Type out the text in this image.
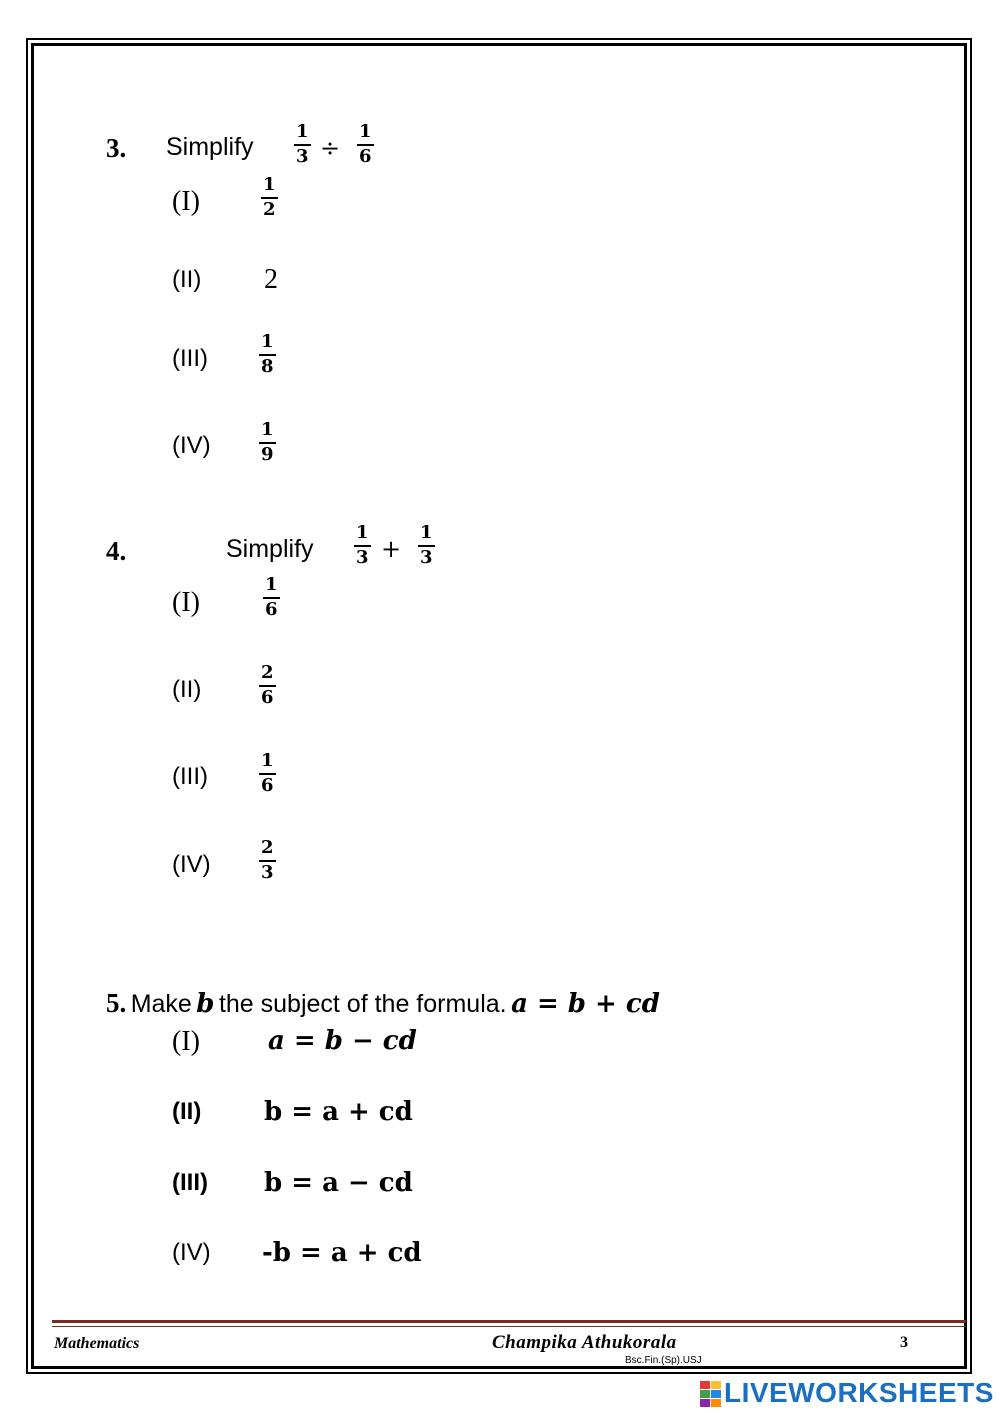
3. Simplify $\frac{1}{3} \div \frac{1}{6}$
(I)	$\frac{1}{2}$
(II) 2
(III)	$\frac{1}{8}$
(IV)	$\frac{1}{9}$
4.	Simplify $\frac{1}{3} + \frac{1}{3}$
(I)	$\frac{1}{6}$
(II)	$\frac{2}{6}$
(III)	$\frac{1}{6}$
(IV)	$\frac{2}{3}$
5. Make b the subject of the formula. a = b + cd
(I)	a = b − cd
(II) b = a + cd
(III) b = a − cd
(IV) -b = a + cd
Mathematics	Champika Athukorala
Bsc.Fin.(Sp).USJ
3
LIVEWORKSHEETS
